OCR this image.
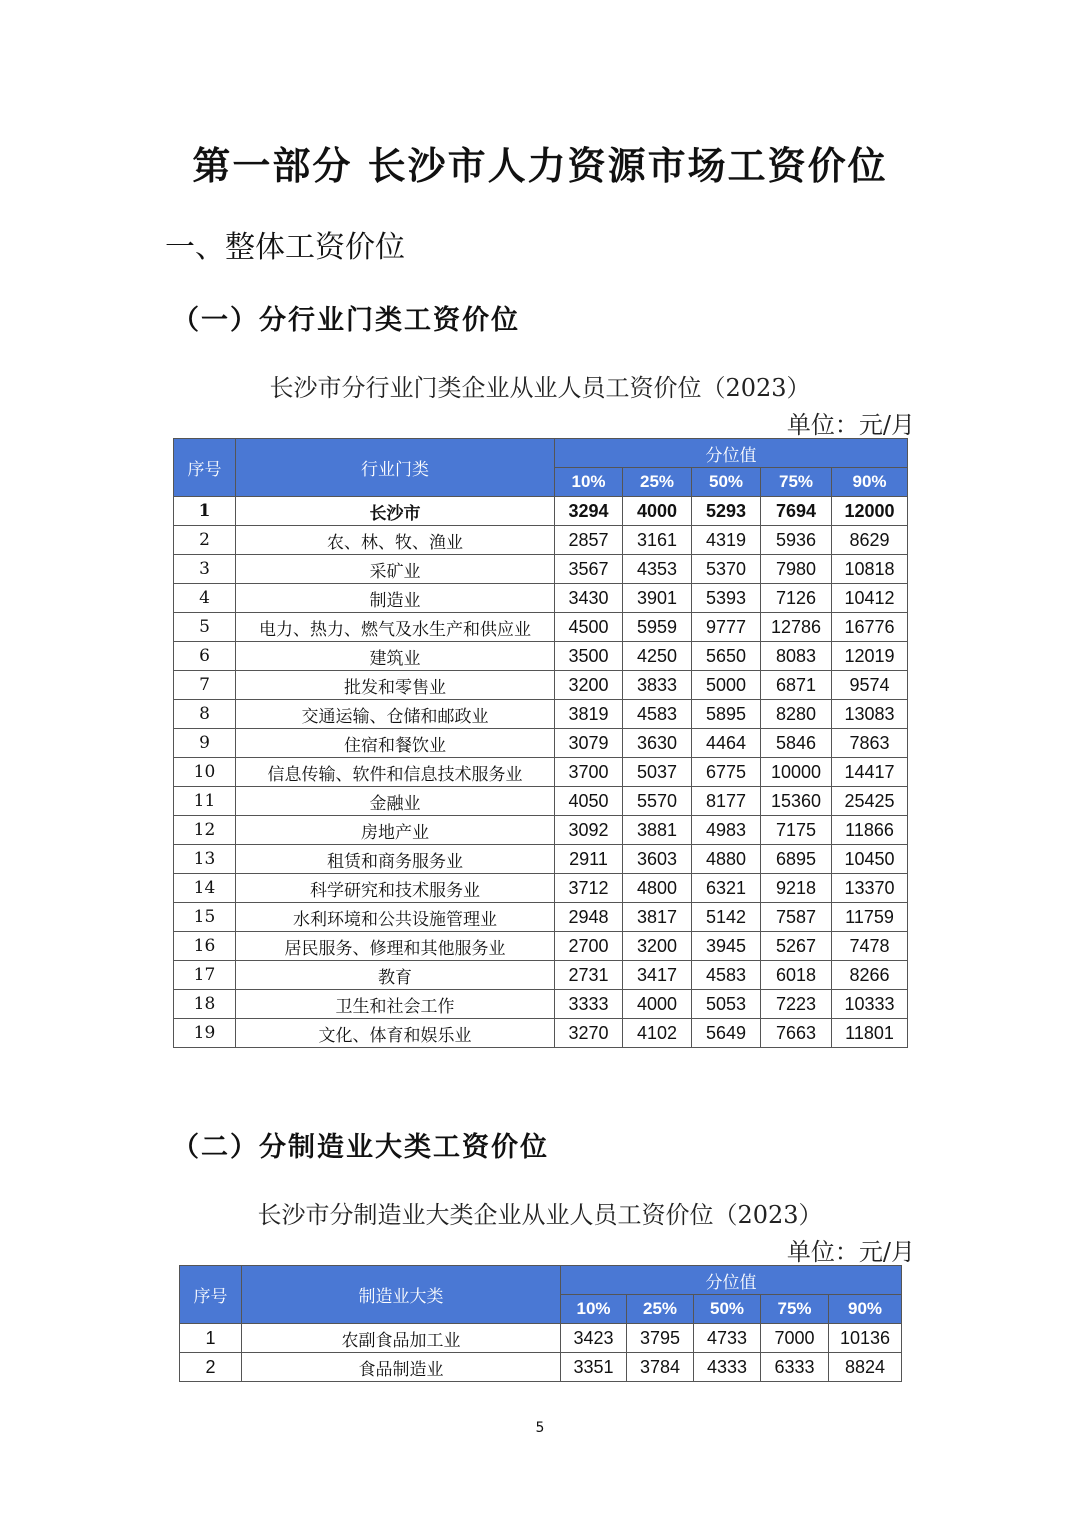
第一部分 长沙市人力资源市场工资价位
一、整体工资价位
（一）分行业门类工资价位
长沙市分行业门类企业从业人员工资价位（2023）
单位：元/月
序号	行业门类	分位值				
		10%	25%	50%	75%	90%
1	长沙市	3294	4000	5293	7694	12000
2	农、林、牧、渔业	2857	3161	4319	5936	8629
3	采矿业	3567	4353	5370	7980	10818
4	制造业	3430	3901	5393	7126	10412
5	电力、热力、燃气及水生产和供应业	4500	5959	9777	12786	16776
6	建筑业	3500	4250	5650	8083	12019
7	批发和零售业	3200	3833	5000	6871	9574
8	交通运输、仓储和邮政业	3819	4583	5895	8280	13083
9	住宿和餐饮业	3079	3630	4464	5846	7863
10	信息传输、软件和信息技术服务业	3700	5037	6775	10000	14417
11	金融业	4050	5570	8177	15360	25425
12	房地产业	3092	3881	4983	7175	11866
13	租赁和商务服务业	2911	3603	4880	6895	10450
14	科学研究和技术服务业	3712	4800	6321	9218	13370
15	水利环境和公共设施管理业	2948	3817	5142	7587	11759
16	居民服务、修理和其他服务业	2700	3200	3945	5267	7478
17	教育	2731	3417	4583	6018	8266
18	卫生和社会工作	3333	4000	5053	7223	10333
19	文化、体育和娱乐业	3270	4102	5649	7663	11801
（二）分制造业大类工资价位
长沙市分制造业大类企业从业人员工资价位（2023）
单位：元/月
序号	制造业大类	分位值				
		10%	25%	50%	75%	90%
1	农副食品加工业	3423	3795	4733	7000	10136
2	食品制造业	3351	3784	4333	6333	8824
5
